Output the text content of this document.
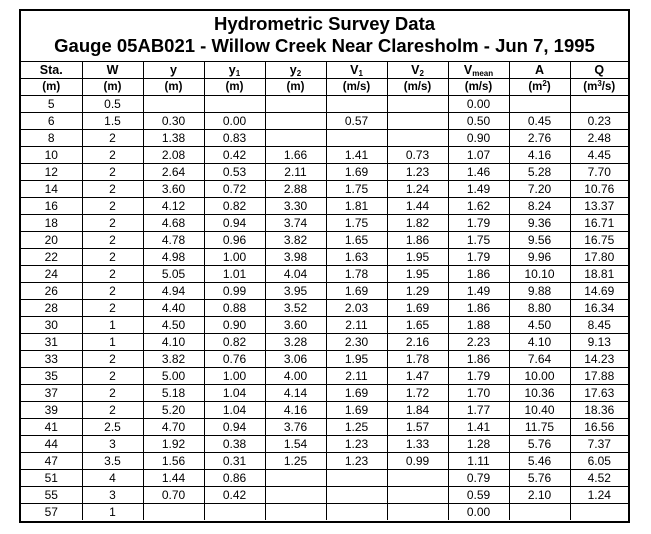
Hydrometric Survey Data
Gauge 05AB021 - Willow Creek Near Claresholm - Jun 7, 1995
Sta.	W	y	$y_1$	$y_2$	$V_1$	$V_2$	$V_{mean}$	A	Q
(m)	(m)	(m)	(m)	(m)	(m/s)	(m/s)	(m/s)	$(m^2)$	$(m^3/s)$
5	0.5						0.00		
6	1.5	0.30	0.00		0.57		0.50	0.45	0.23
8	2	1.38	0.83				0.90	2.76	2.48
10	2	2.08	0.42	1.66	1.41	0.73	1.07	4.16	4.45
12	2	2.64	0.53	2.11	1.69	1.23	1.46	5.28	7.70
14	2	3.60	0.72	2.88	1.75	1.24	1.49	7.20	10.76
16	2	4.12	0.82	3.30	1.81	1.44	1.62	8.24	13.37
18	2	4.68	0.94	3.74	1.75	1.82	1.79	9.36	16.71
20	2	4.78	0.96	3.82	1.65	1.86	1.75	9.56	16.75
22	2	4.98	1.00	3.98	1.63	1.95	1.79	9.96	17.80
24	2	5.05	1.01	4.04	1.78	1.95	1.86	10.10	18.81
26	2	4.94	0.99	3.95	1.69	1.29	1.49	9.88	14.69
28	2	4.40	0.88	3.52	2.03	1.69	1.86	8.80	16.34
30	1	4.50	0.90	3.60	2.11	1.65	1.88	4.50	8.45
31	1	4.10	0.82	3.28	2.30	2.16	2.23	4.10	9.13
33	2	3.82	0.76	3.06	1.95	1.78	1.86	7.64	14.23
35	2	5.00	1.00	4.00	2.11	1.47	1.79	10.00	17.88
37	2	5.18	1.04	4.14	1.69	1.72	1.70	10.36	17.63
39	2	5.20	1.04	4.16	1.69	1.84	1.77	10.40	18.36
41	2.5	4.70	0.94	3.76	1.25	1.57	1.41	11.75	16.56
44	3	1.92	0.38	1.54	1.23	1.33	1.28	5.76	7.37
47	3.5	1.56	0.31	1.25	1.23	0.99	1.11	5.46	6.05
51	4	1.44	0.86				0.79	5.76	4.52
55	3	0.70	0.42				0.59	2.10	1.24
57	1						0.00		
